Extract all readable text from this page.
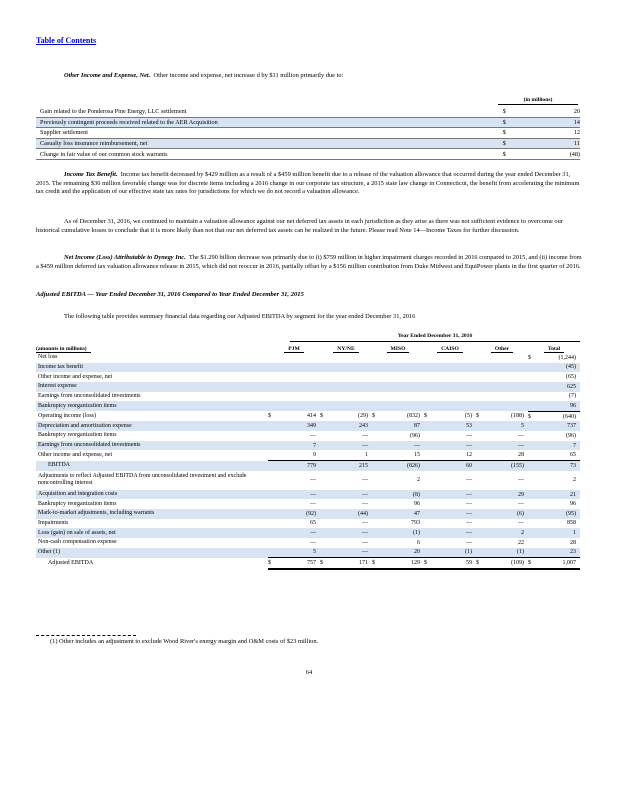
Table of Contents
Other Income and Expense, Net. Other income and expense, net increase d by $11 million primarily due to:
(in millions)
Gain related to the Ponderosa Pine Energy, LLC settlement	$	20
Previously contingent proceeds received related to the AER Acquisition	$	14
Supplier settlement	$	12
Casualty loss insurance reimbursement, net	$	11
Change in fair value of our common stock warrants	$	(48)
Income Tax Benefit. Income tax benefit decreased by $429 million as a result of a $459 million benefit due to a release of the valuation allowance that occurred during the year ended December 31, 2015. The remaining $30 million favorable change was for discrete items including a 2016 change in our corporate tax structure, a 2015 state law change in Connecticut, the benefit from accelerating the minimum tax credit and the application of our effective state tax rates for jurisdictions for which we do not record a valuation allowance.
As of December 31, 2016, we continued to maintain a valuation allowance against our net deferred tax assets in each jurisdiction as they arise as there was not sufficient evidence to overcome our historical cumulative losses to conclude that it is more likely than not that our net deferred tax assets can be realized in the future. Please read Note 14—Income Taxes for further discussion.
Net Income (Loss) Attributable to Dynegy Inc. The $1.290 billion decrease was primarily due to (i) $759 million in higher impairment charges recorded in 2016 compared to 2015, and (ii) income from a $459 million deferred tax valuation allowance release in 2015, which did not reoccur in 2016, partially offset by a $156 million contribution from Duke Midwest and EquiPower plants in the first quarter of 2016.
Adjusted EBITDA — Year Ended December 31, 2016 Compared to Year Ended December 31, 2015
The following table provides summary financial data regarding our Adjusted EBITDA by segment for the year ended December 31, 2016
Year Ended December 31, 2016
(amounts in millions)	PJM		NY/NE		MISO		CAISO		Other		Total	
Net loss											$	(1,244)
Income tax benefit												(45)
Other income and expense, net												(65)
Interest expense												625
Earnings from unconsolidated investments												(7)
Bankruptcy reorganization items												96
Operating income (loss)	$	414	$	(29)	$	(832)	$	(5)	$	(188)	$	(640)
Depreciation and amortization expense		349		243		87		53		5		737
Bankruptcy reorganization items		—		—		(96)		—		—		(96)
Earnings from unconsolidated investments		7		—		—		—		—		7
Other income and expense, net		9		1		15		12		28		65
EBITDA		779		215		(826)		60		(155)		73
Adjustments to reflect Adjusted EBITDA from unconsolidated investment and exclude noncontrolling interest		—		—		2		—		—		2
Acquisition and integration costs		—		—		(8)		—		29		21
Bankruptcy reorganization items		—		—		96		—		—		96
Mark-to-market adjustments, including warrants		(92)		(44)		47		—		(6)		(95)
Impairments		65		—		793		—		—		858
Loss (gain) on sale of assets, net		—		—		(1)		—		2		1
Non-cash compensation expense		—		—		6		—		22		28
Other (1)		5		—		20		(1)		(1)		23
Adjusted EBITDA	$	757	$	171	$	129	$	59	$	(109)	$	1,007
(1) Other includes an adjustment to exclude Wood River's energy margin and O&M costs of $23 million.
64
